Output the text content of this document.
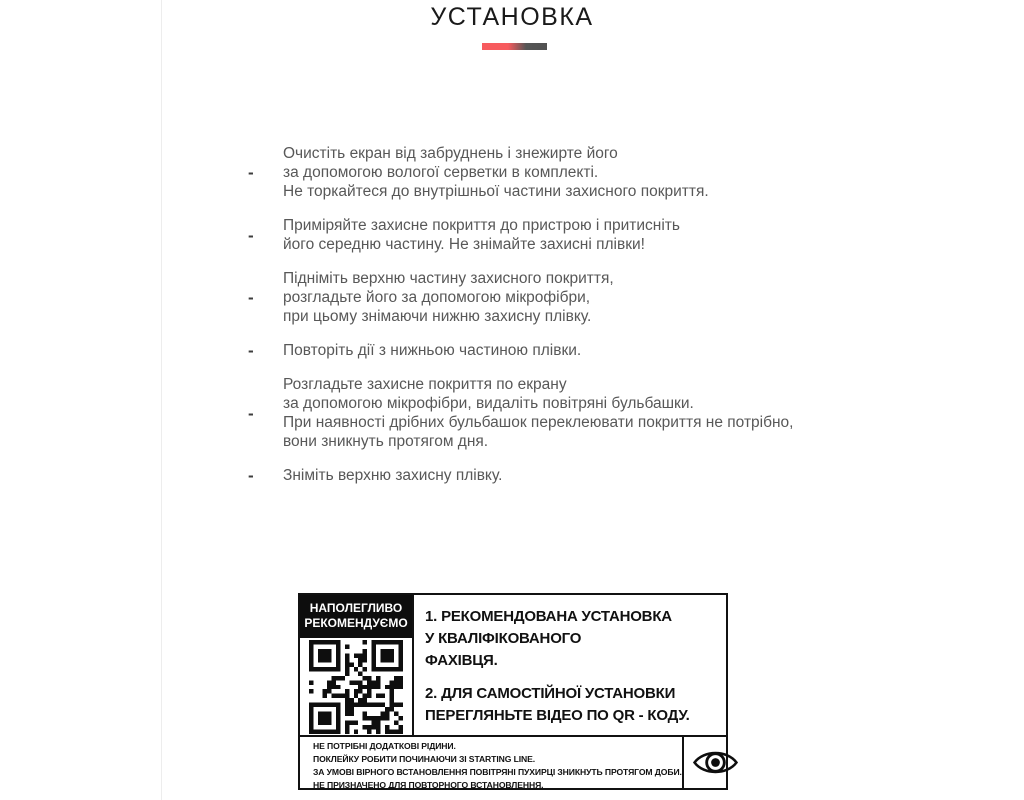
УСТАНОВКА
-
Очистіть екран від забруднень і знежирте його
за допомогою вологої серветки в комплекті.
Не торкайтеся до внутрішньої частини захисного покриття.
-	Приміряйте захисне покриття до пристрою і притисніть
його середню частину. Не знімайте захисні плівки!
-
Підніміть верхню частину захисного покриття,
розгладьте його за допомогою мікрофібри,
при цьому знімаючи нижню захисну плівку.
-	Повторіть дії з нижньою частиною плівки.
-
Розгладьте захисне покриття по екрану
за допомогою мікрофібри, видаліть повітряні бульбашки.
При наявності дрібних бульбашок переклеювати покриття не потрібно,
вони зникнуть протягом дня.
-	Зніміть верхню захисну плівку.
НАПОЛЕГЛИВО
РЕКОМЕНДУЄМО 1. РЕКОМЕНДОВАНА УСТАНОВКА
У КВАЛІФІКОВАНОГО
ФАХІВЦЯ.
2. ДЛЯ САМОСТІЙНОЇ УСТАНОВКИ
ПЕРЕГЛЯНЬТЕ ВІДЕО ПО QR - КОДУ.
НЕ ПОТРІБНІ ДОДАТКОВІ РІДИНИ.
ПОКЛЕЙКУ РОБИТИ ПОЧИНАЮЧИ ЗІ STARTING LINE.
ЗА УМОВІ ВІРНОГО ВСТАНОВЛЕННЯ ПОВІТРЯНІ ПУХИРЦІ ЗНИКНУТЬ ПРОТЯГОМ ДОБИ.
НЕ ПРИЗНАЧЕНО ДЛЯ ПОВТОРНОГО ВСТАНОВЛЕННЯ.
